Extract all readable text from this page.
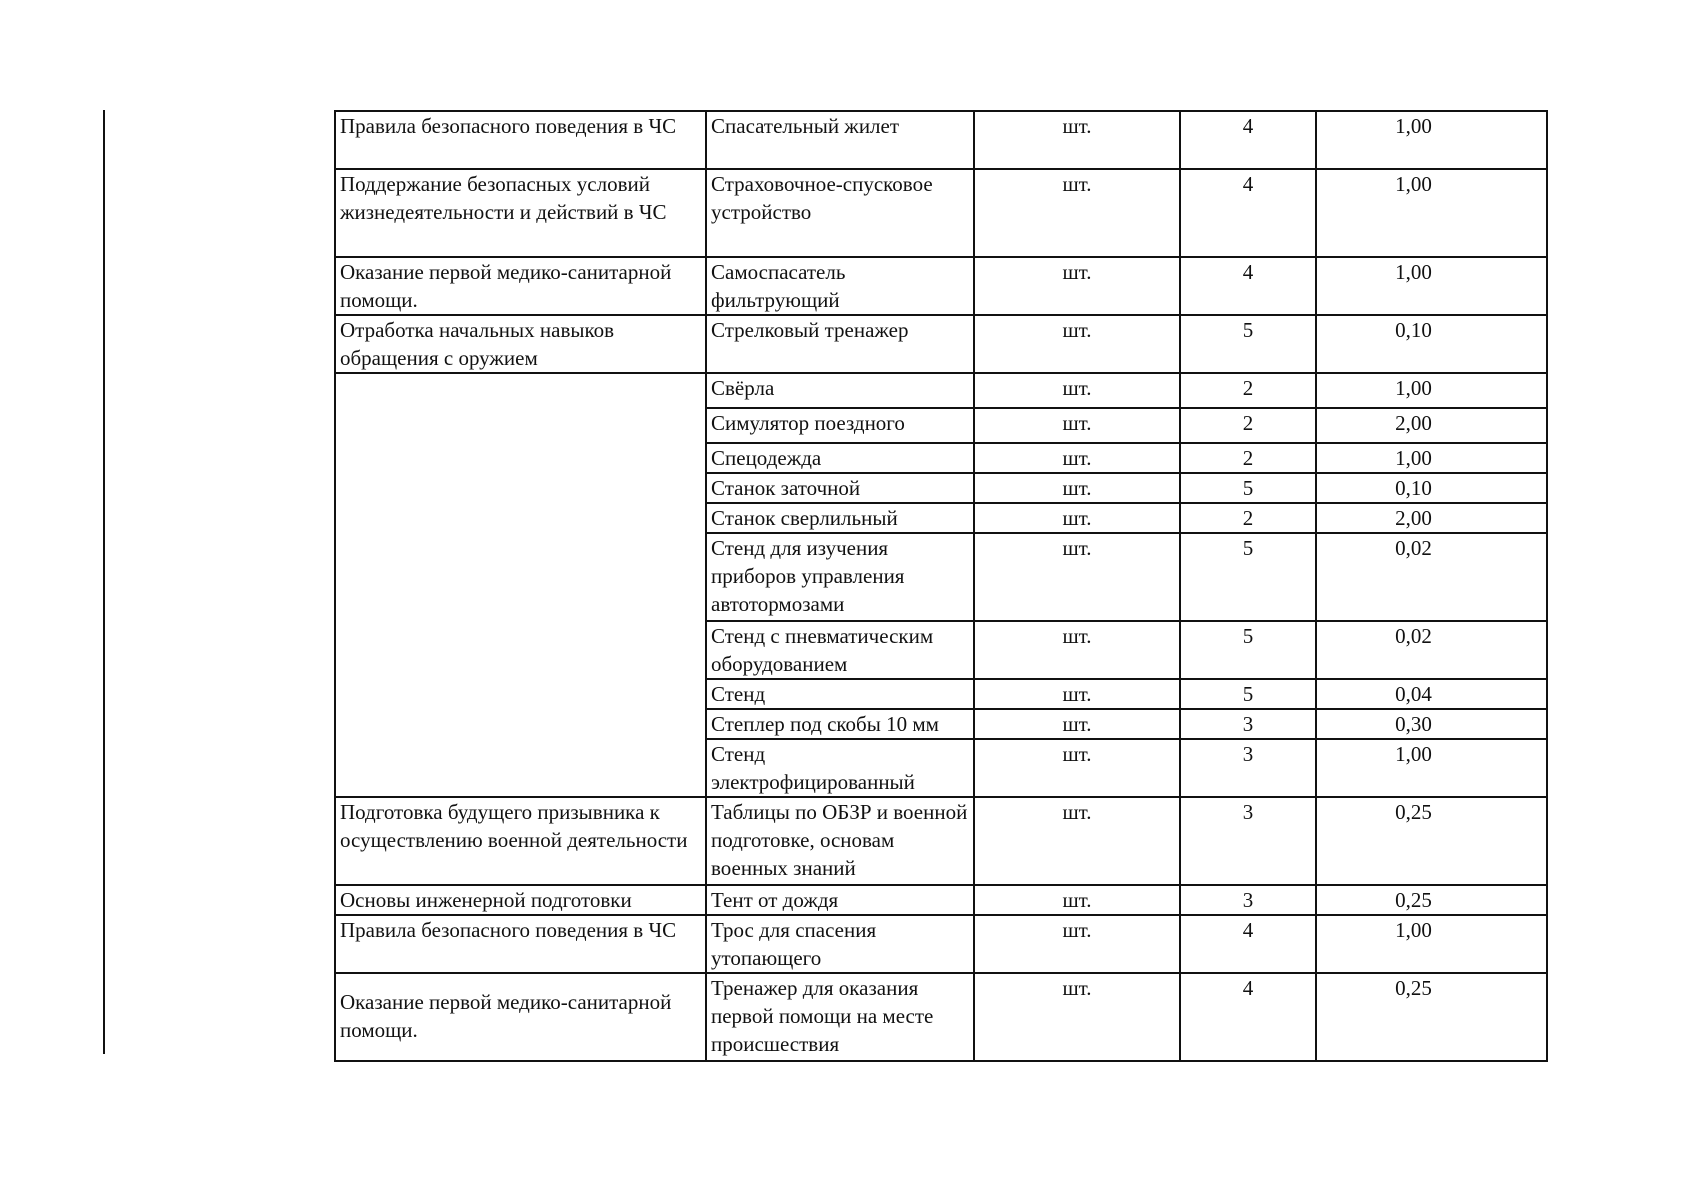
Правила безопасного поведения в ЧС	Спасательный жилет	шт.	4	1,00
Поддержание безопасных условий жизнедеятельности и действий в ЧС	Страховочное-спусковое устройство	шт.	4	1,00
Оказание первой медико-санитарной помощи.	Самоспасатель фильтрующий	шт.	4	1,00
Отработка начальных навыков обращения с оружием	Стрелковый тренажер	шт.	5	0,10
	Свёрла	шт.	2	1,00
	Симулятор поездного	шт.	2	2,00
	Спецодежда	шт.	2	1,00
	Станок заточной	шт.	5	0,10
	Станок сверлильный	шт.	2	2,00
	Стенд для изучения приборов управления автотормозами	шт.	5	0,02
	Стенд с пневматическим оборудованием	шт.	5	0,02
	Стенд	шт.	5	0,04
	Степлер под скобы 10 мм	шт.	3	0,30
	Стенд электрофицированный	шт.	3	1,00
Подготовка будущего призывника к осуществлению военной деятельности	Таблицы по ОБЗР и военной подготовке, основам военных знаний	шт.	3	0,25
Основы инженерной подготовки	Тент от дождя	шт.	3	0,25
Правила безопасного поведения в ЧС	Трос для спасения утопающего	шт.	4	1,00
Оказание первой медико-санитарной помощи.	Тренажер для оказания первой помощи на месте происшествия	шт.	4	0,25
